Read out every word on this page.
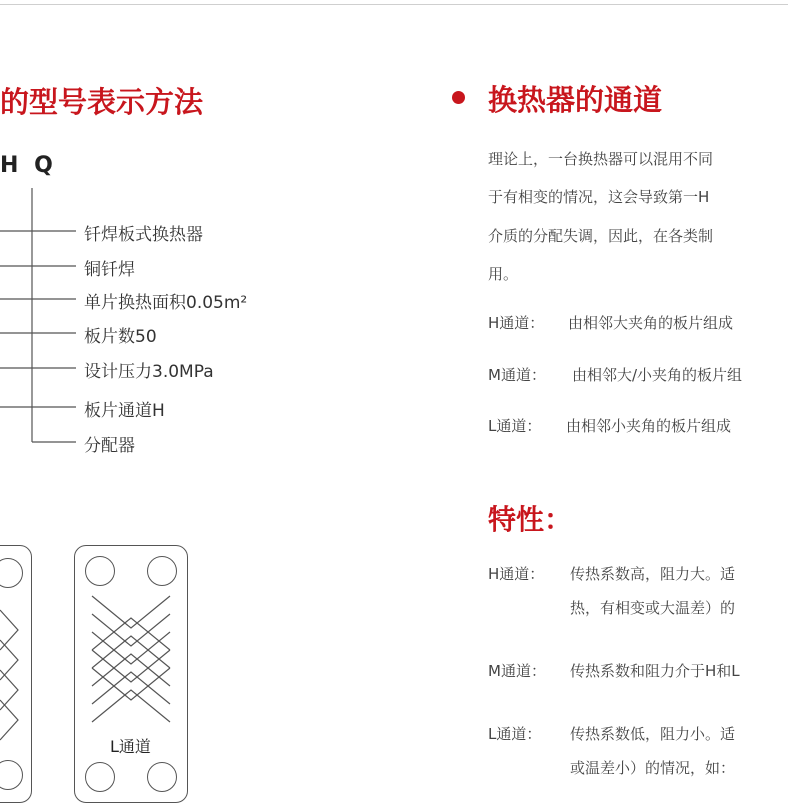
的型号表示方法
H Q
钎焊板式换热器
铜钎焊
单片换热面积0.05m²
板片数50
设计压力3.0MPa
板片通道H
分配器
L通道
换热器的通道
理论上，一台换热器可以混用不同
于有相变的情况，这会导致第一H
介质的分配失调，因此，在各类制
用。
H通道： 由相邻大夹角的板片组成
M通道： 由相邻大/小夹角的板片组
L通道： 由相邻小夹角的板片组成
特性：
H通道： 传热系数高，阻力大。适
热，有相变或大温差）的
M通道： 传热系数和阻力介于H和L
L通道： 传热系数低，阻力小。适
或温差小）的情况，如：
